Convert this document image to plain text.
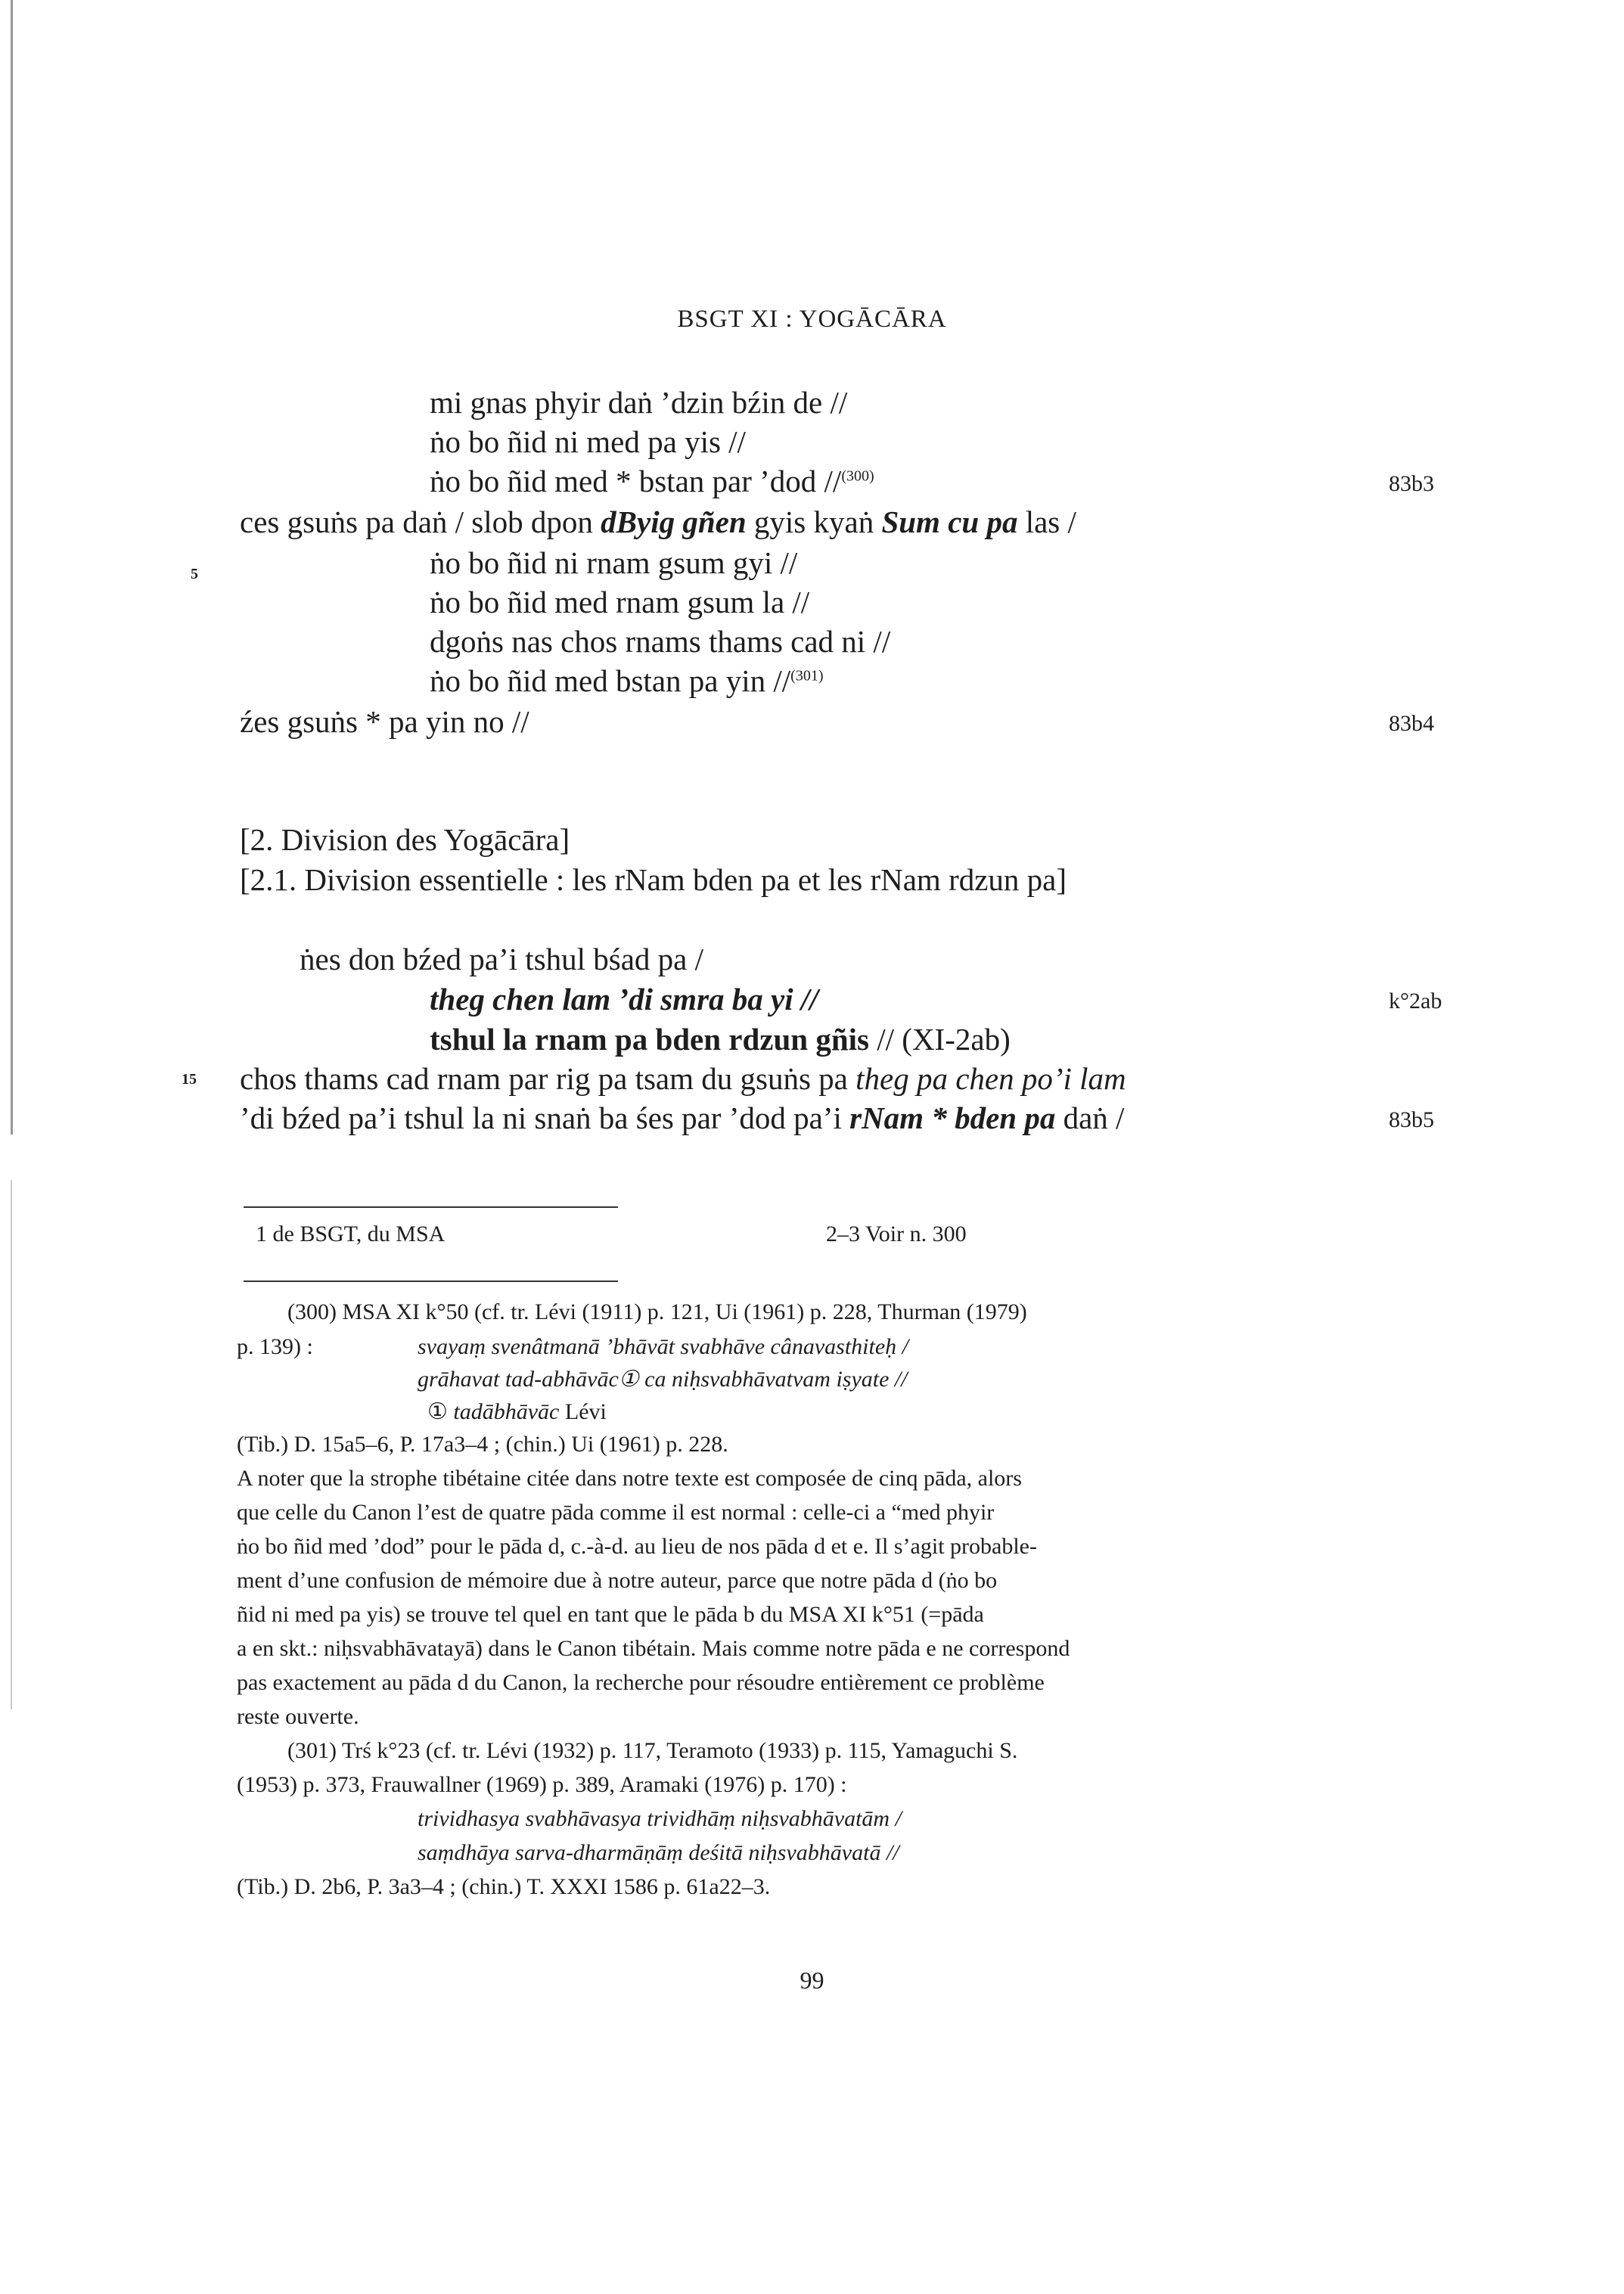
BSGT XI : YOGĀCĀRA
mi gnas phyir daṅ ’dzin bźin de //
ṅo bo ñid ni med pa yis //
ṅo bo ñid med * bstan par ’dod //$^{(300)}$	83b3
ces gsuṅs pa daṅ / slob dpon dByig gñen gyis kyaṅ Sum cu pa las /
5	ṅo bo ñid ni rnam gsum gyi //
ṅo bo ñid med rnam gsum la //
dgoṅs nas chos rnams thams cad ni //
ṅo bo ñid med bstan pa yin //$^{(301)}$
źes gsuṅs * pa yin no //	83b4
[2. Division des Yogācāra]
[2.1. Division essentielle : les rNam bden pa et les rNam rdzun pa]
ṅes don bźed pa’i tshul bśad pa /
theg chen lam ’di smra ba yi //	k°2ab
tshul la rnam pa bden rdzun gñis // (XI-2ab)
15 chos thams cad rnam par rig pa tsam du gsuṅs pa theg pa chen po’i lam
’di bźed pa’i tshul la ni snaṅ ba śes par ’dod pa’i rNam * bden pa daṅ /	83b5
1 de BSGT, du MSA	2–3 Voir n. 300
(300) MSA XI k°50 (cf. tr. Lévi (1911) p. 121, Ui (1961) p. 228, Thurman (1979)
p. 139) :	svayaṃ svenâtmanā ’bhāvāt svabhāve cânavasthiteḥ /
grāhavat tad-abhāvāc① ca niḥsvabhāvatvam iṣyate //
① tadābhāvāc Lévi
(Tib.) D. 15a5–6, P. 17a3–4 ; (chin.) Ui (1961) p. 228.
A noter que la strophe tibétaine citée dans notre texte est composée de cinq pāda, alors
que celle du Canon l’est de quatre pāda comme il est normal : celle-ci a “med phyir
ṅo bo ñid med ’dod” pour le pāda d, c.-à-d. au lieu de nos pāda d et e. Il s’agit probable-
ment d’une confusion de mémoire due à notre auteur, parce que notre pāda d (ṅo bo
ñid ni med pa yis) se trouve tel quel en tant que le pāda b du MSA XI k°51 (=pāda
a en skt.: niḥsvabhāvatayā) dans le Canon tibétain. Mais comme notre pāda e ne correspond
pas exactement au pāda d du Canon, la recherche pour résoudre entièrement ce problème
reste ouverte.
(301) Trś k°23 (cf. tr. Lévi (1932) p. 117, Teramoto (1933) p. 115, Yamaguchi S.
(1953) p. 373, Frauwallner (1969) p. 389, Aramaki (1976) p. 170) :
trividhasya svabhāvasya trividhāṃ niḥsvabhāvatām /
saṃdhāya sarva-dharmāṇāṃ deśitā niḥsvabhāvatā //
(Tib.) D. 2b6, P. 3a3–4 ; (chin.) T. XXXI 1586 p. 61a22–3.
99
